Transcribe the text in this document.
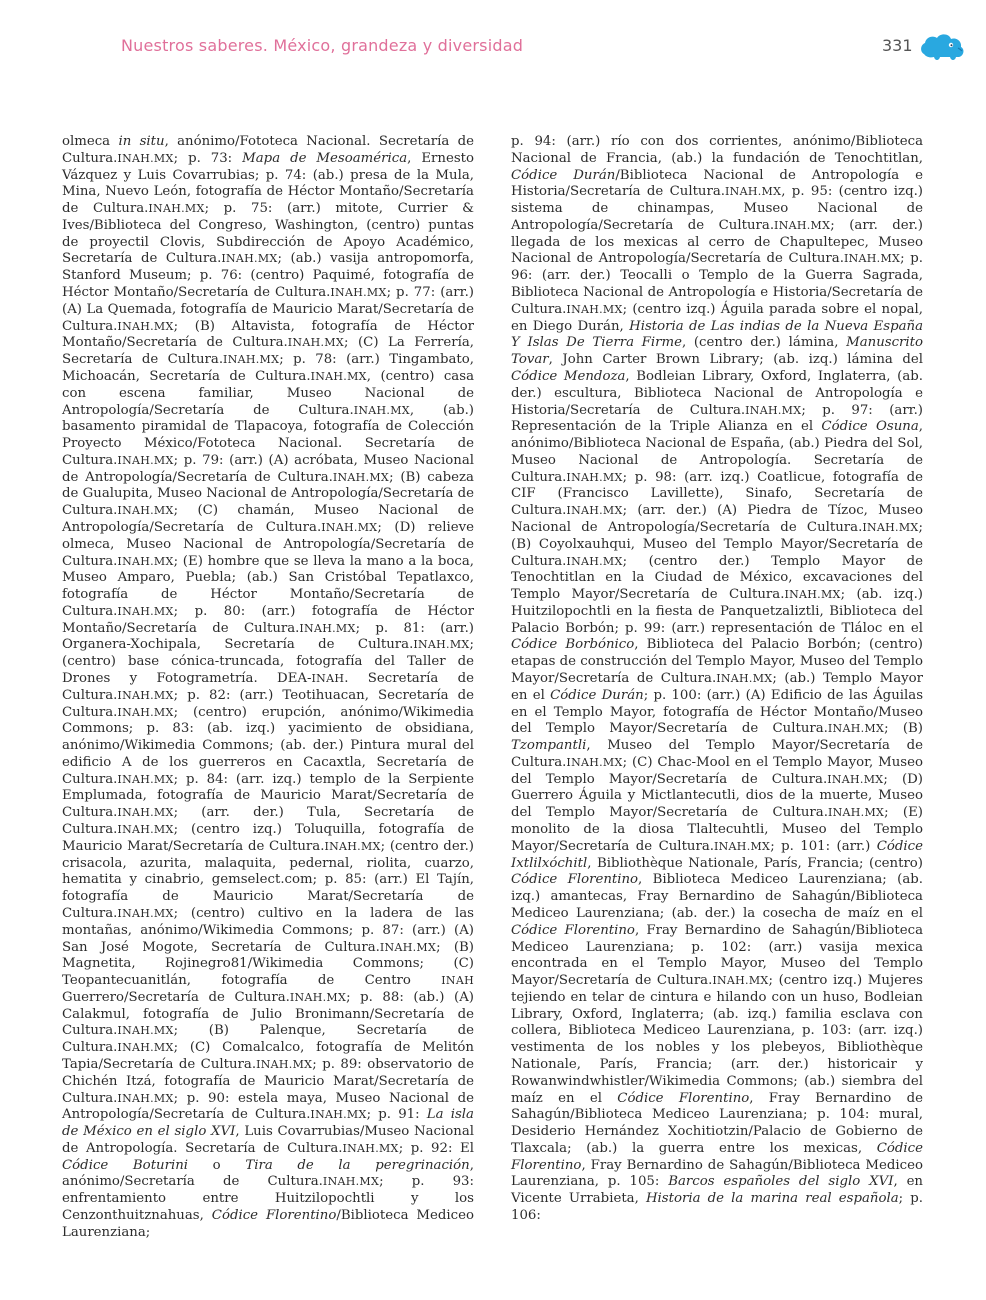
Nuestros saberes. México, grandeza y diversidad	331

olmeca in situ, anónimo/Fototeca Nacional. Secretaría de Cultura.INAH.MX; p. 73: Mapa de Mesoamérica, Ernesto Vázquez y Luis Covarrubias; p. 74: (ab.) presa de la Mula, Mina, Nuevo León, fotografía de Héctor Montaño/Secretaría de Cultura.INAH.MX; p. 75: (arr.) mitote, Currier & Ives/Biblioteca del Congreso, Washington, (centro) puntas de proyectil Clovis, Subdirección de Apoyo Académico, Secretaría de Cultura.INAH.MX; (ab.) vasija antropomorfa, Stanford Museum; p. 76: (centro) Paquimé, fotografía de Héctor Montaño/Secretaría de Cultura.INAH.MX; p. 77: (arr.) (A) La Quemada, fotografía de Mauricio Marat/Secretaría de Cultura.INAH.MX; (B) Altavista, fotografía de Héctor Montaño/Secretaría de Cultura.INAH.MX; (C) La Ferrería, Secretaría de Cultura.INAH.MX; p. 78: (arr.) Tingambato, Michoacán, Secretaría de Cultura.INAH.MX, (centro) casa con escena familiar, Museo Nacional de Antropología/Secretaría de Cultura.INAH.MX, (ab.) basamento piramidal de Tlapacoya, fotografía de Colección Proyecto México/Fototeca Nacional. Secretaría de Cultura.INAH.MX; p. 79: (arr.) (A) acróbata, Museo Nacional de Antropología/Secretaría de Cultura.INAH.MX; (B) cabeza de Gualupita, Museo Nacional de Antropología/Secretaría de Cultura.INAH.MX; (C) chamán, Museo Nacional de Antropología/Secretaría de Cultura.INAH.MX; (D) relieve olmeca, Museo Nacional de Antropología/Secretaría de Cultura.INAH.MX; (E) hombre que se lleva la mano a la boca, Museo Amparo, Puebla; (ab.) San Cristóbal Tepatlaxco, fotografía de Héctor Montaño/Secretaría de Cultura.INAH.MX; p. 80: (arr.) fotografía de Héctor Montaño/Secretaría de Cultura.INAH.MX; p. 81: (arr.) Organera-Xochipala, Secretaría de Cultura.INAH.MX; (centro) base cónica-truncada, fotografía del Taller de Drones y Fotogrametría. DEA-INAH. Secretaría de Cultura.INAH.MX; p. 82: (arr.) Teotihuacan, Secretaría de Cultura.INAH.MX; (centro) erupción, anónimo/Wikimedia Commons; p. 83: (ab. izq.) yacimiento de obsidiana, anónimo/Wikimedia Commons; (ab. der.) Pintura mural del edificio A de los guerreros en Cacaxtla, Secretaría de Cultura.INAH.MX; p. 84: (arr. izq.) templo de la Serpiente Emplumada, fotografía de Mauricio Marat/Secretaría de Cultura.INAH.MX; (arr. der.) Tula, Secretaría de Cultura.INAH.MX; (centro izq.) Toluquilla, fotografía de Mauricio Marat/Secretaría de Cultura.INAH.MX; (centro der.) crisacola, azurita, malaquita, pedernal, riolita, cuarzo, hematita y cinabrio, gemselect.com; p. 85: (arr.) El Tajín, fotografía de Mauricio Marat/Secretaría de Cultura.INAH.MX; (centro) cultivo en la ladera de las montañas, anónimo/Wikimedia Commons; p. 87: (arr.) (A) San José Mogote, Secretaría de Cultura.INAH.MX; (B) Magnetita, Rojinegro81/Wikimedia Commons; (C) Teopantecuanitlán, fotografía de Centro INAH Guerrero/Secretaría de Cultura.INAH.MX; p. 88: (ab.) (A) Calakmul, fotografía de Julio Bronimann/Secretaría de Cultura.INAH.MX; (B) Palenque, Secretaría de Cultura.INAH.MX; (C) Comalcalco, fotografía de Melitón Tapia/Secretaría de Cultura.INAH.MX; p. 89: observatorio de Chichén Itzá, fotografía de Mauricio Marat/Secretaría de Cultura.INAH.MX; p. 90: estela maya, Museo Nacional de Antropología/Secretaría de Cultura.INAH.MX; p. 91: La isla de México en el siglo XVI, Luis Covarrubias/Museo Nacional de Antropología. Secretaría de Cultura.INAH.MX; p. 92: El Códice Boturini o Tira de la peregrinación, anónimo/Secretaría de Cultura.INAH.MX; p. 93: enfrentamiento entre Huitzilopochtli y los Cenzonthuitznahuas, Códice Florentino/Biblioteca Mediceo Laurenziana;

p. 94: (arr.) río con dos corrientes, anónimo/Biblioteca Nacional de Francia, (ab.) la fundación de Tenochtitlan, Códice Durán/Biblioteca Nacional de Antropología e Historia/Secretaría de Cultura.INAH.MX, p. 95: (centro izq.) sistema de chinampas, Museo Nacional de Antropología/Secretaría de Cultura.INAH.MX; (arr. der.) llegada de los mexicas al cerro de Chapultepec, Museo Nacional de Antropología/Secretaría de Cultura.INAH.MX; p. 96: (arr. der.) Teocalli o Templo de la Guerra Sagrada, Biblioteca Nacional de Antropología e Historia/Secretaría de Cultura.INAH.MX; (centro izq.) Águila parada sobre el nopal, en Diego Durán, Historia de Las indias de la Nueva España Y Islas De Tierra Firme, (centro der.) lámina, Manuscrito Tovar, John Carter Brown Library; (ab. izq.) lámina del Códice Mendoza, Bodleian Library, Oxford, Inglaterra, (ab. der.) escultura, Biblioteca Nacional de Antropología e Historia/Secretaría de Cultura.INAH.MX; p. 97: (arr.) Representación de la Triple Alianza en el Códice Osuna, anónimo/Biblioteca Nacional de España, (ab.) Piedra del Sol, Museo Nacional de Antropología. Secretaría de Cultura.INAH.MX; p. 98: (arr. izq.) Coatlicue, fotografía de CIF (Francisco Lavillette), Sinafo, Secretaría de Cultura.INAH.MX; (arr. der.) (A) Piedra de Tízoc, Museo Nacional de Antropología/Secretaría de Cultura.INAH.MX; (B) Coyolxauhqui, Museo del Templo Mayor/Secretaría de Cultura.INAH.MX; (centro der.) Templo Mayor de Tenochtitlan en la Ciudad de México, excavaciones del Templo Mayor/Secretaría de Cultura.INAH.MX; (ab. izq.) Huitzilopochtli en la fiesta de Panquetzaliztli, Biblioteca del Palacio Borbón; p. 99: (arr.) representación de Tláloc en el Códice Borbónico, Biblioteca del Palacio Borbón; (centro) etapas de construcción del Templo Mayor, Museo del Templo Mayor/Secretaría de Cultura.INAH.MX; (ab.) Templo Mayor en el Códice Durán; p. 100: (arr.) (A) Edificio de las Águilas en el Templo Mayor, fotografía de Héctor Montaño/Museo del Templo Mayor/Secretaría de Cultura.INAH.MX; (B) Tzompantli, Museo del Templo Mayor/Secretaría de Cultura.INAH.MX; (C) Chac-Mool en el Templo Mayor, Museo del Templo Mayor/Secretaría de Cultura.INAH.MX; (D) Guerrero Águila y Mictlantecutli, dios de la muerte, Museo del Templo Mayor/Secretaría de Cultura.INAH.MX; (E) monolito de la diosa Tlaltecuhtli, Museo del Templo Mayor/Secretaría de Cultura.INAH.MX; p. 101: (arr.) Códice Ixtlilxóchitl, Bibliothèque Nationale, París, Francia; (centro) Códice Florentino, Biblioteca Mediceo Laurenziana; (ab. izq.) amantecas, Fray Bernardino de Sahagún/Biblioteca Mediceo Laurenziana; (ab. der.) la cosecha de maíz en el Códice Florentino, Fray Bernardino de Sahagún/Biblioteca Mediceo Laurenziana; p. 102: (arr.) vasija mexica encontrada en el Templo Mayor, Museo del Templo Mayor/Secretaría de Cultura.INAH.MX; (centro izq.) Mujeres tejiendo en telar de cintura e hilando con un huso, Bodleian Library, Oxford, Inglaterra; (ab. izq.) familia esclava con collera, Biblioteca Mediceo Laurenziana, p. 103: (arr. izq.) vestimenta de los nobles y los plebeyos, Bibliothèque Nationale, París, Francia; (arr. der.) historicair y Rowanwindwhistler/Wikimedia Commons; (ab.) siembra del maíz en el Códice Florentino, Fray Bernardino de Sahagún/Biblioteca Mediceo Laurenziana; p. 104: mural, Desiderio Hernández Xochitiotzin/Palacio de Gobierno de Tlaxcala; (ab.) la guerra entre los mexicas, Códice Florentino, Fray Bernardino de Sahagún/Biblioteca Mediceo Laurenziana, p. 105: Barcos españoles del siglo XVI, en Vicente Urrabieta, Historia de la marina real española; p. 106:
